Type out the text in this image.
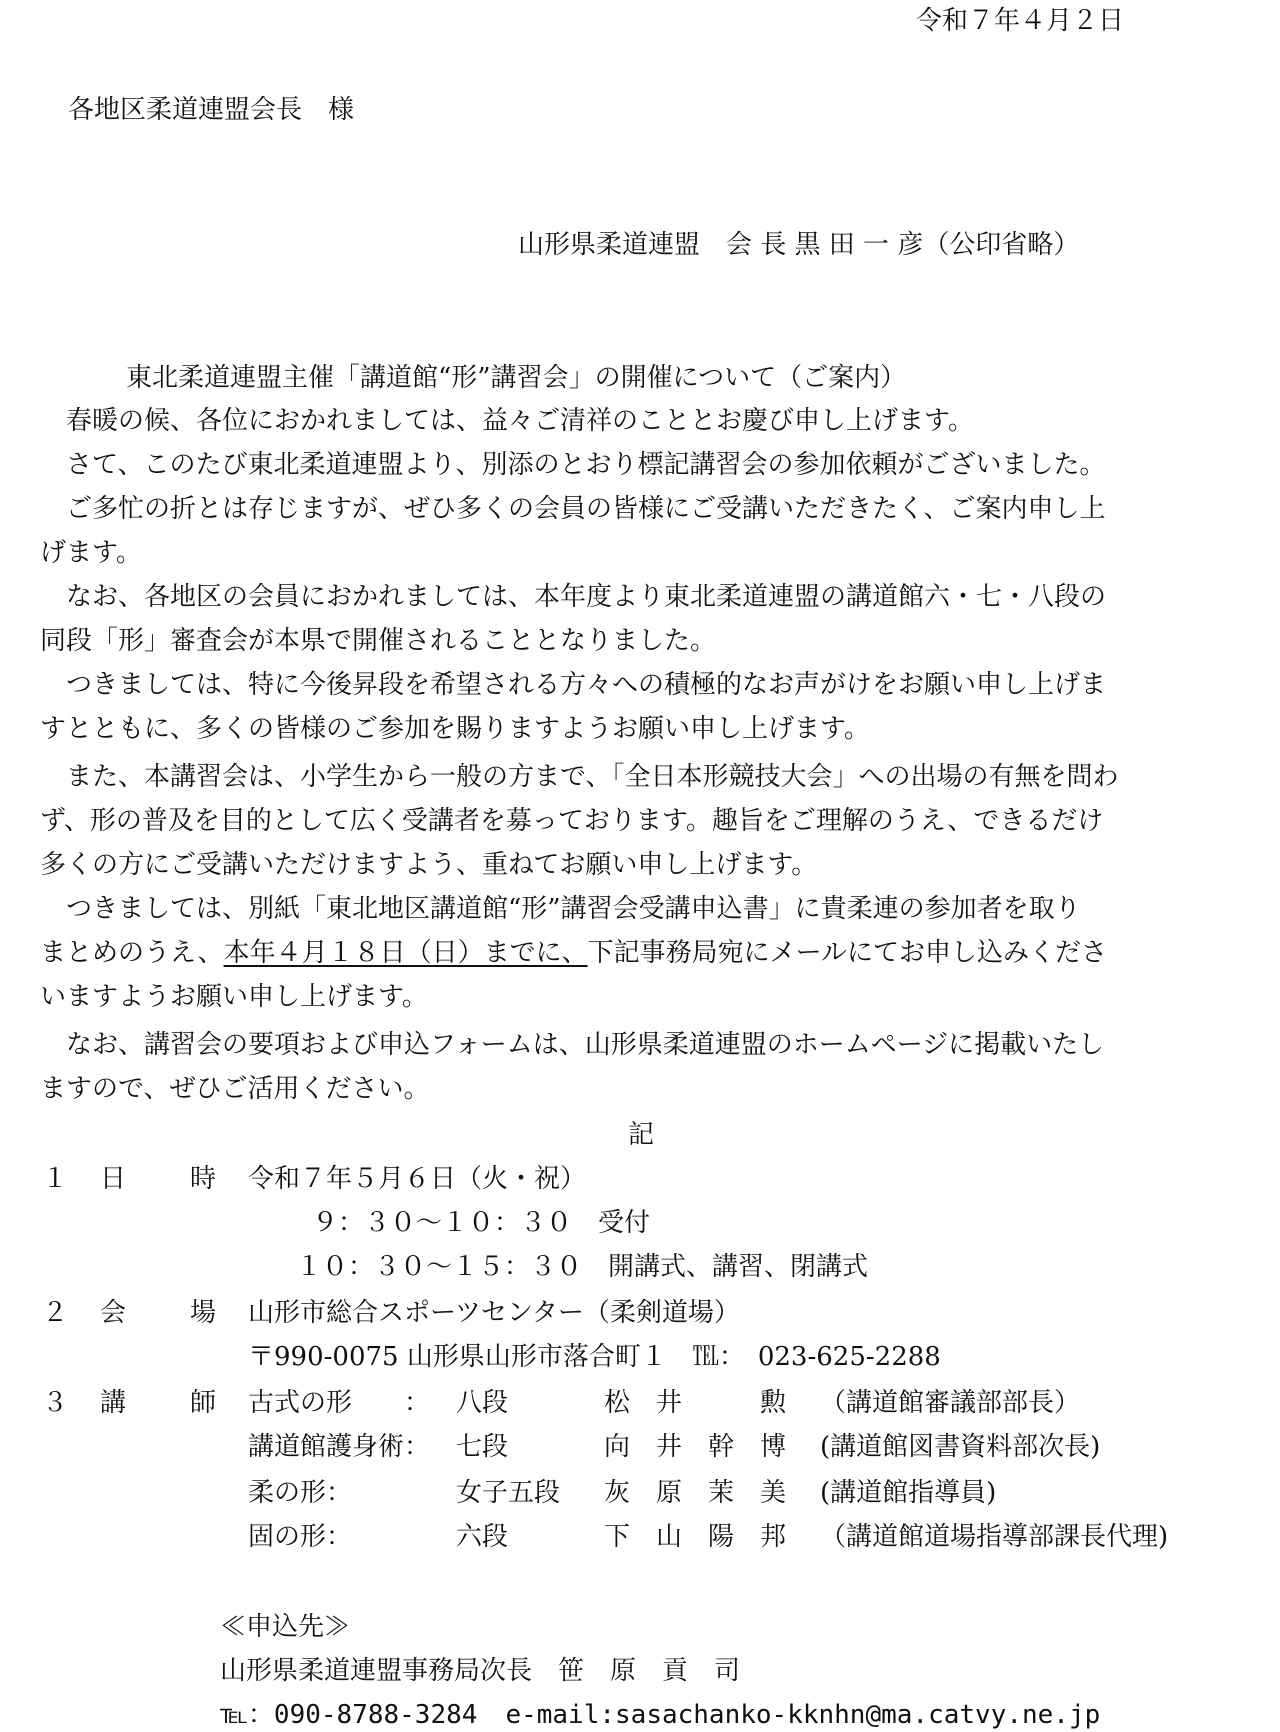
令和７年４月２日
各地区柔道連盟会長　様
山形県柔道連盟　会 長 黒 田 一 彦（公印省略）
東北柔道連盟主催「講道館“形”講習会」の開催について（ご案内）
　春暖の候、各位におかれましては、益々ご清祥のこととお慶び申し上げます。
　さて、このたび東北柔道連盟より、別添のとおり標記講習会の参加依頼がございました。
　ご多忙の折とは存じますが、ぜひ多くの会員の皆様にご受講いただきたく、ご案内申し上
げます。
　なお、各地区の会員におかれましては、本年度より東北柔道連盟の講道館六・七・八段の
同段「形」審査会が本県で開催されることとなりました。
　つきましては、特に今後昇段を希望される方々への積極的なお声がけをお願い申し上げま
すとともに、多くの皆様のご参加を賜りますようお願い申し上げます。
　また、本講習会は、小学生から一般の方まで、「全日本形競技大会」への出場の有無を問わ
ず、形の普及を目的として広く受講者を募っております。趣旨をご理解のうえ、できるだけ
多くの方にご受講いただけますよう、重ねてお願い申し上げます。
　つきましては、別紙「東北地区講道館“形”講習会受講申込書」に貴柔連の参加者を取り
まとめのうえ、本年４月１８日（日）までに、下記事務局宛にメールにてお申し込みくださ
いますようお願い申し上げます。
　なお、講習会の要項および申込フォームは、山形県柔道連盟のホームページに掲載いたし
ますので、ぜひご活用ください。
記
１ 日 時 令和７年５月６日（火・祝）
９：３０〜１０：３０　受付
１０：３０〜１５：３０　開講式、講習、閉講式
２ 会 場 山形市総合スポーツセンター（柔剣道場）
〒990-0075 山形県山形市落合町１　℡：　023-625-2288
３ 講 師 古式の形　　： 八段	松　井　　　勲 （講道館審議部部長）
講道館護身術： 七段	向　井　幹　博 (講道館図書資料部次長)
柔の形：	女子五段 灰　原　茉　美 (講道館指導員)
固の形：	六段	下　山　陽　邦 （講道館道場指導部課長代理)
≪申込先≫
山形県柔道連盟事務局次長　笹　原　貢　司
℡：090-8788-3284 e-mail:sasachanko-kknhn@ma.catvy.ne.jp
